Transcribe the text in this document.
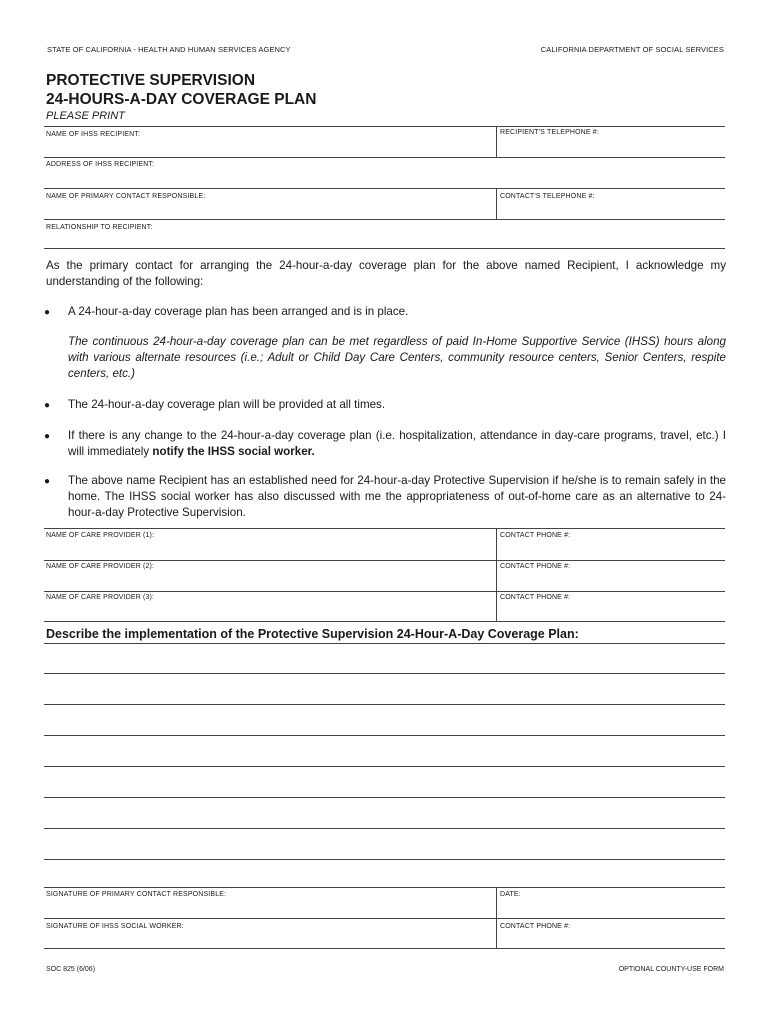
STATE OF CALIFORNIA - HEALTH AND HUMAN SERVICES AGENCY	CALIFORNIA DEPARTMENT OF SOCIAL SERVICES
PROTECTIVE SUPERVISION
24-HOURS-A-DAY COVERAGE PLAN
PLEASE PRINT
NAME OF IHSS RECIPIENT:	RECIPIENT'S TELEPHONE #:
ADDRESS OF IHSS RECIPIENT:
NAME OF PRIMARY CONTACT RESPONSIBLE:	CONTACT'S TELEPHONE #:
RELATIONSHIP TO RECIPIENT:
As the primary contact for arranging the 24-hour-a-day coverage plan for the above named Recipient, I acknowledge my understanding of the following:
● A 24-hour-a-day coverage plan has been arranged and is in place.
The continuous 24-hour-a-day coverage plan can be met regardless of paid In-Home Supportive Service (IHSS) hours along with various alternate resources (i.e.; Adult or Child Day Care Centers, community resource centers, Senior Centers, respite centers, etc.)
● The 24-hour-a-day coverage plan will be provided at all times.
● If there is any change to the 24-hour-a-day coverage plan (i.e. hospitalization, attendance in day-care programs, travel, etc.) I will immediately notify the IHSS social worker.
● The above name Recipient has an established need for 24-hour-a-day Protective Supervision if he/she is to remain safely in the home. The IHSS social worker has also discussed with me the appropriateness of out-of-home care as an alternative to 24-hour-a-day Protective Supervision.
NAME OF CARE PROVIDER (1):	CONTACT PHONE #:
NAME OF CARE PROVIDER (2):	CONTACT PHONE #:
NAME OF CARE PROVIDER (3):	CONTACT PHONE #:
Describe the implementation of the Protective Supervision 24-Hour-A-Day Coverage Plan:
SIGNATURE OF PRIMARY CONTACT RESPONSIBLE:	DATE:
SIGNATURE OF IHSS SOCIAL WORKER:	CONTACT PHONE #:
SOC 825 (6/06)	OPTIONAL COUNTY-USE FORM
